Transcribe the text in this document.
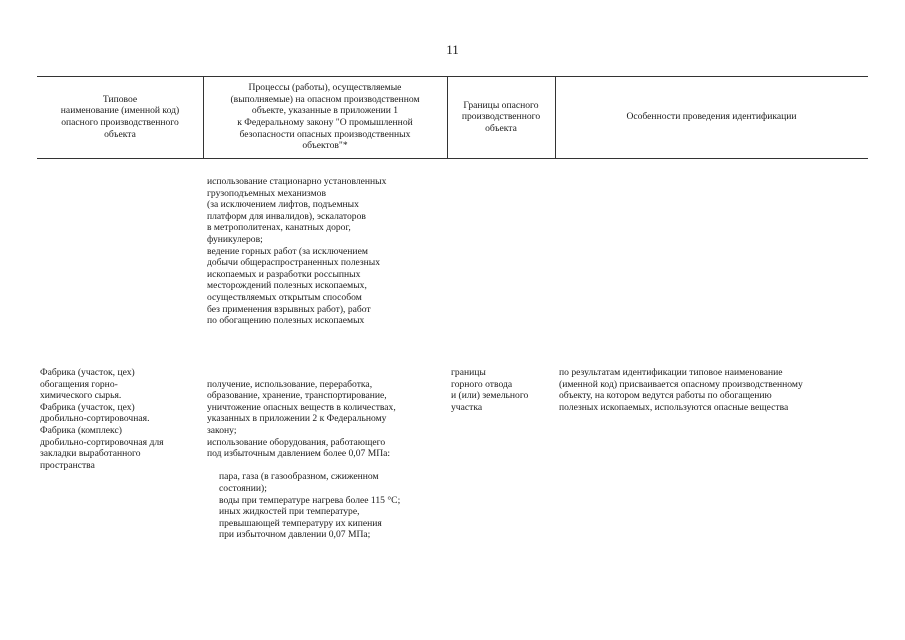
11
Типовое
наименование (именной код)
опасного производственного
объекта
Процессы (работы), осуществляемые
(выполняемые) на опасном производственном
объекте, указанные в приложении 1
к Федеральному закону "О промышленной
безопасности опасных производственных
объектов"*
Границы опасного
производственного
объекта
Особенности проведения идентификации
использование стационарно установленных
грузоподъемных механизмов
(за исключением лифтов, подъемных
платформ для инвалидов), эскалаторов
в метрополитенах, канатных дорог,
фуникулеров;
ведение горных работ (за исключением
добычи общераспространенных полезных
ископаемых и разработки россыпных
месторождений полезных ископаемых,
осуществляемых открытым способом
без применения взрывных работ), работ
по обогащению полезных ископаемых
Фабрика (участок, цех)
обогащения горно-
химического сырья.
Фабрика (участок, цех)
дробильно-сортировочная.
Фабрика (комплекс)
дробильно-сортировочная для
закладки выработанного
пространства

получение, использование, переработка,
образование, хранение, транспортирование,
уничтожение опасных веществ в количествах,
указанных в приложении 2 к Федеральному
закону;
использование оборудования, работающего
под избыточным давлением более 0,07 МПа:

пара, газа (в газообразном, сжиженном
состоянии);
воды при температуре нагрева более 115 °С;
иных жидкостей при температуре,
превышающей температуру их кипения
при избыточном давлении 0,07 МПа;

границы
горного отвода
и (или) земельного
участка
по результатам идентификации типовое наименование
(именной код) присваивается опасному производственному
объекту, на котором ведутся работы по обогащению
полезных ископаемых, используются опасные вещества
